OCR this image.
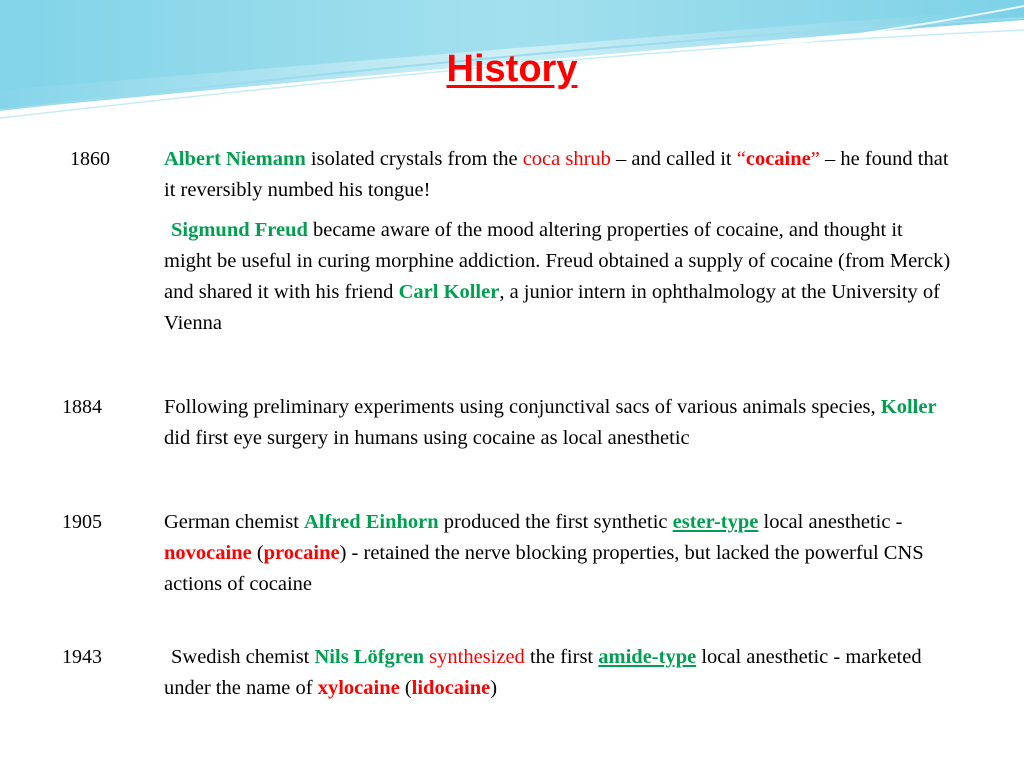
History
1860	Albert Niemann isolated crystals from the coca shrub – and called it “cocaine” – he found that it reversibly numbed his tongue!
Sigmund Freud became aware of the mood altering properties of cocaine, and thought it might be useful in curing morphine addiction. Freud obtained a supply of cocaine (from Merck) and shared it with his friend Carl Koller, a junior intern in ophthalmology at the University of Vienna
1884	Following preliminary experiments using conjunctival sacs of various animals species, Koller did first eye surgery in humans using cocaine as local anesthetic
1905	German chemist Alfred Einhorn produced the first synthetic ester-type local anesthetic - novocaine (procaine) - retained the nerve blocking properties, but lacked the powerful CNS actions of cocaine
1943	Swedish chemist Nils Löfgren synthesized the first amide-type local anesthetic - marketed under the name of xylocaine (lidocaine)
